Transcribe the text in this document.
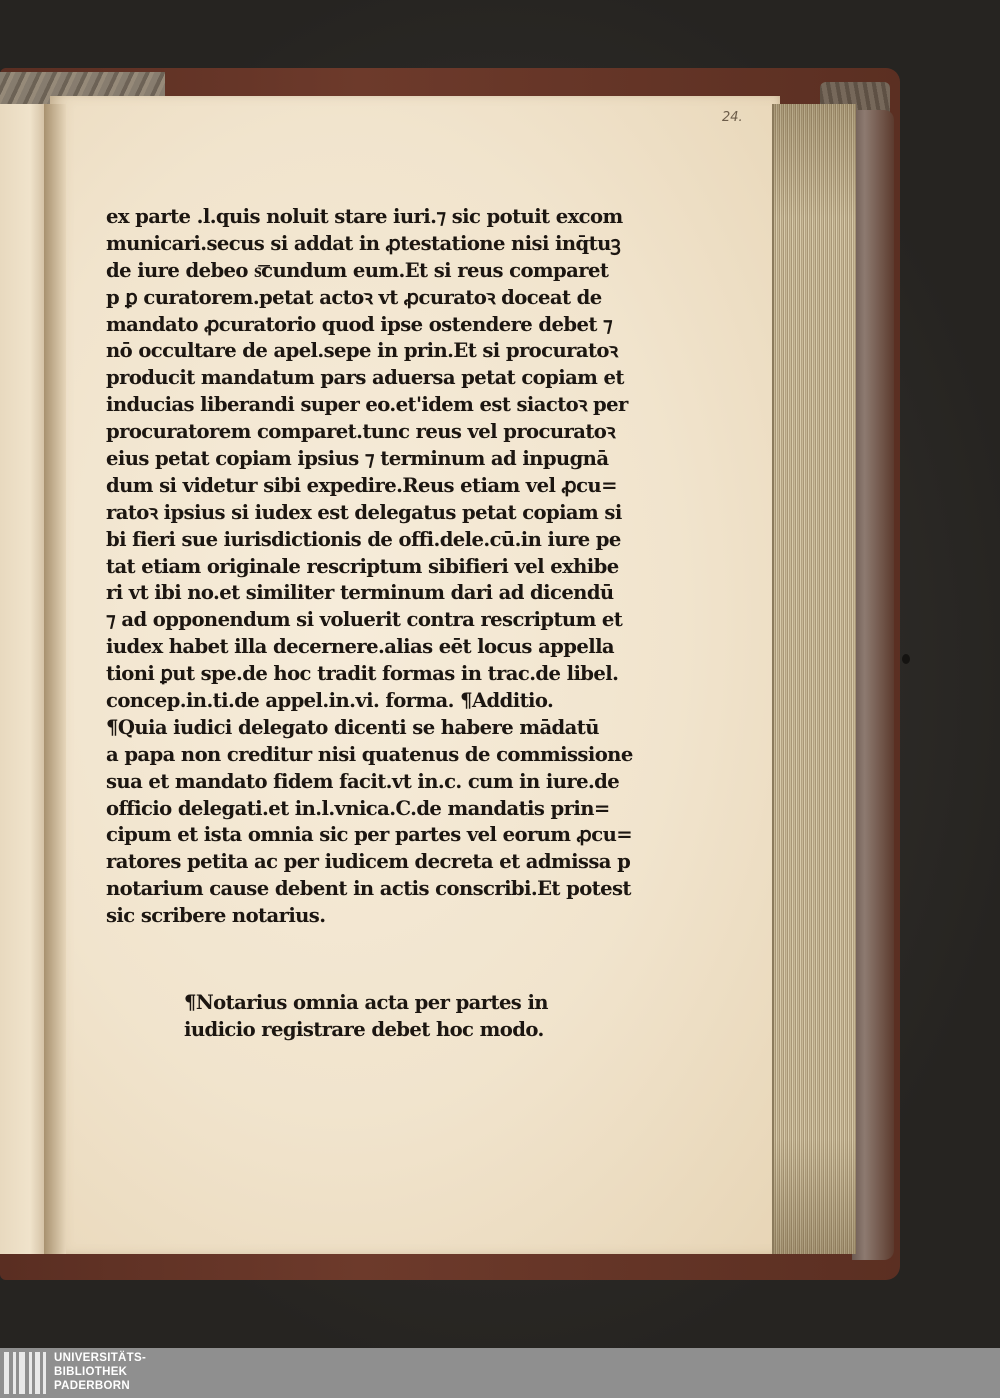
24.
ex parte .l.quis noluit stare iuri.⁊ sic potuit excom
municari.secus si addat in ꝓtestatione nisi inq̄tuꝫ
de iure debeo s͞cundum eum.Et si reus comparet
p ꝑ curatorem.petat actoꝛ vt ꝓcuratoꝛ doceat de
mandato ꝓcuratorio quod ipse ostendere debet ⁊
nō occultare de apel.sepe in prin.Et si procuratoꝛ
producit mandatum pars aduersa petat copiam et
inducias liberandi super eo.et'idem est siactoꝛ per
procuratorem comparet.tunc reus vel procuratoꝛ
eius petat copiam ipsius ⁊ terminum ad inpugnā
dum si videtur sibi expedire.Reus etiam vel ꝓcu=
ratoꝛ ipsius si iudex est delegatus petat copiam si
bi fieri sue iurisdictionis de offi.dele.cū.in iure pe
tat etiam originale rescriptum sibifieri vel exhibe
ri vt ibi no.et similiter terminum dari ad dicendū
⁊ ad opponendum si voluerit contra rescriptum et
iudex habet illa decernere.alias eēt locus appella
tioni ꝑut spe.de hoc tradit formas in trac.de libel.
concep.in.ti.de appel.in.vi. forma. ¶Additio.
¶Quia iudici delegato dicenti se habere mādatū
a papa non creditur nisi quatenus de commissione
sua et mandato fidem facit.vt in.c. cum in iure.de
officio delegati.et in.l.vnica.C.de mandatis prin=
cipum et ista omnia sic per partes vel eorum ꝓcu=
ratores petita ac per iudicem decreta et admissa p
notarium cause debent in actis conscribi.Et potest
sic scribere notarius.
¶Notarius omnia acta per partes in
iudicio registrare debet hoc modo.
UNIVERSITÄTS-
BIBLIOTHEK
PADERBORN
